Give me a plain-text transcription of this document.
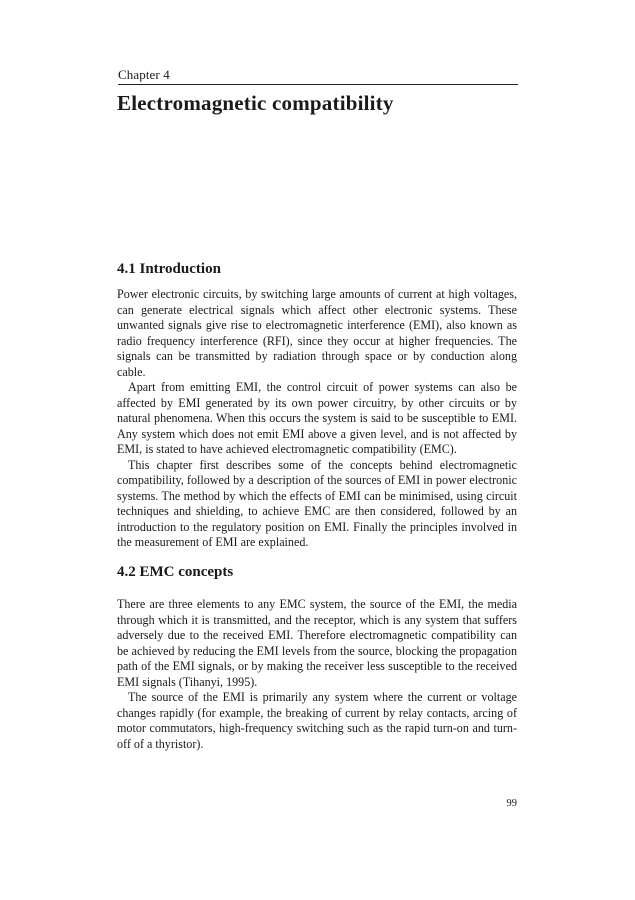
Chapter 4
Electromagnetic compatibility
4.1 Introduction

Power electronic circuits, by switching large amounts of current at high voltages, can generate electrical signals which affect other electronic systems. These unwanted signals give rise to electromagnetic interference (EMI), also known as radio frequency interference (RFI), since they occur at higher frequencies. The signals can be transmitted by radiation through space or by conduction along cable.

Apart from emitting EMI, the control circuit of power systems can also be affected by EMI generated by its own power circuitry, by other circuits or by natural phenomena. When this occurs the system is said to be susceptible to EMI. Any system which does not emit EMI above a given level, and is not affected by EMI, is stated to have achieved electromagnetic compatibility (EMC).

This chapter first describes some of the concepts behind electromagnetic compatibility, followed by a description of the sources of EMI in power electronic systems. The method by which the effects of EMI can be minimised, using circuit techniques and shielding, to achieve EMC are then considered, followed by an introduction to the regulatory position on EMI. Finally the principles involved in the measurement of EMI are explained.

4.2 EMC concepts

There are three elements to any EMC system, the source of the EMI, the media through which it is transmitted, and the receptor, which is any system that suffers adversely due to the received EMI. Therefore electromagnetic compatibility can be achieved by reducing the EMI levels from the source, blocking the propagation path of the EMI signals, or by making the receiver less susceptible to the received EMI signals (Tihanyi, 1995).

The source of the EMI is primarily any system where the current or voltage changes rapidly (for example, the breaking of current by relay contacts, arcing of motor commutators, high-frequency switching such as the rapid turn-on and turn-off of a thyristor).

99
